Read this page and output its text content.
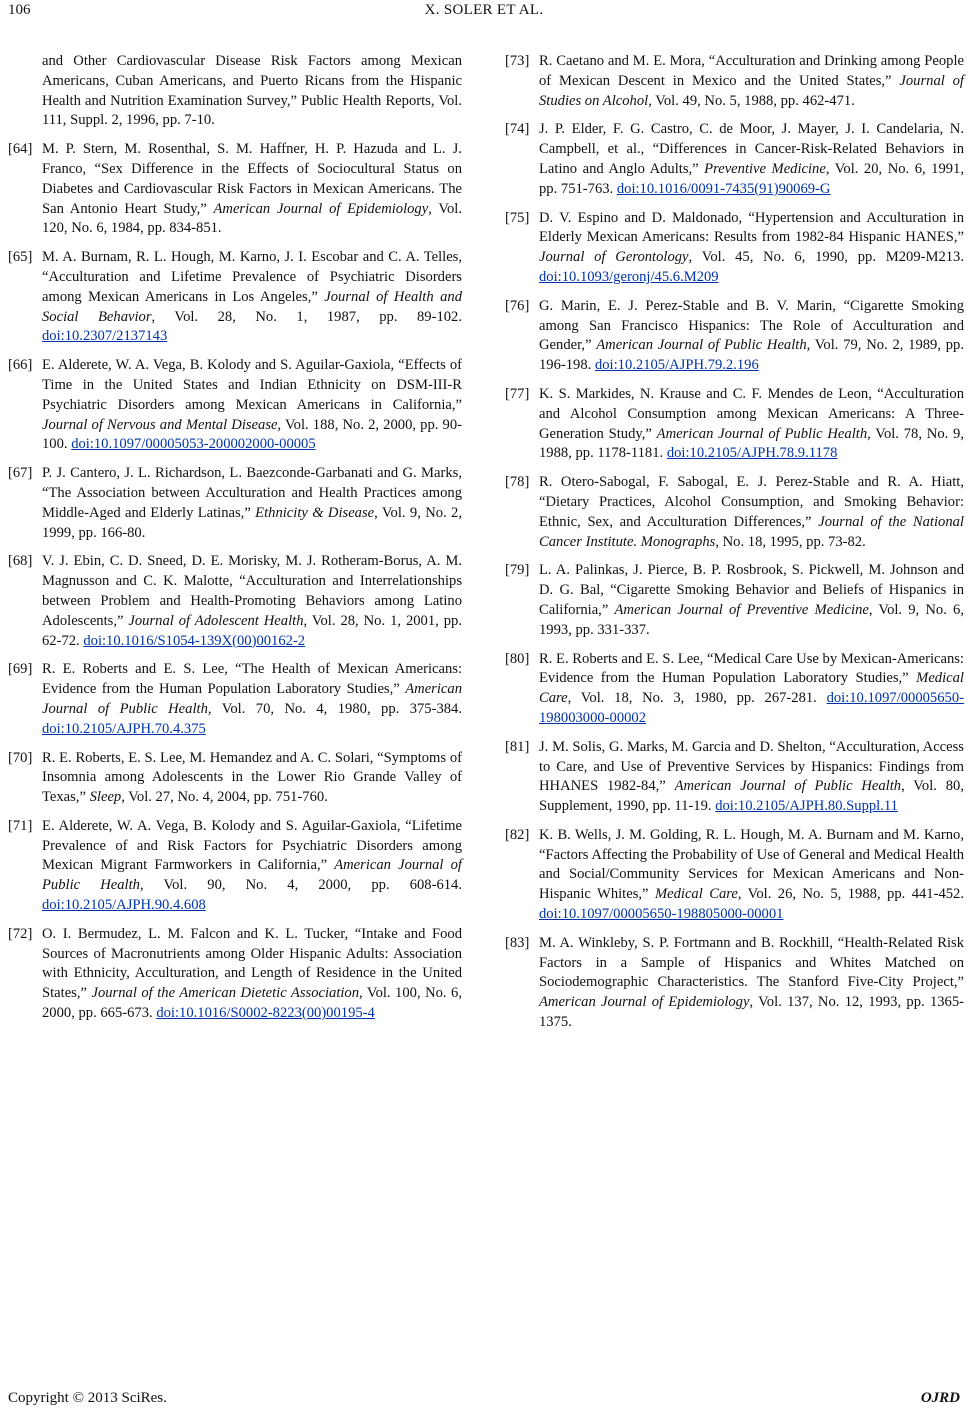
106	X. SOLER ET AL.
and Other Cardiovascular Disease Risk Factors among Mexican Americans, Cuban Americans, and Puerto Ricans from the Hispanic Health and Nutrition Examination Survey,” Public Health Reports, Vol. 111, Suppl. 2, 1996, pp. 7-10.
[64] M. P. Stern, M. Rosenthal, S. M. Haffner, H. P. Hazuda and L. J. Franco, “Sex Difference in the Effects of Sociocultural Status on Diabetes and Cardiovascular Risk Factors in Mexican Americans. The San Antonio Heart Study,” American Journal of Epidemiology, Vol. 120, No. 6, 1984, pp. 834-851.
[65] M. A. Burnam, R. L. Hough, M. Karno, J. I. Escobar and C. A. Telles, “Acculturation and Lifetime Prevalence of Psychiatric Disorders among Mexican Americans in Los Angeles,” Journal of Health and Social Behavior, Vol. 28, No. 1, 1987, pp. 89-102. doi:10.2307/2137143
[66] E. Alderete, W. A. Vega, B. Kolody and S. Aguilar-Gaxiola, “Effects of Time in the United States and Indian Ethnicity on DSM-III-R Psychiatric Disorders among Mexican Americans in California,” Journal of Nervous and Mental Disease, Vol. 188, No. 2, 2000, pp. 90-100. doi:10.1097/00005053-200002000-00005
[67] P. J. Cantero, J. L. Richardson, L. Baezconde-Garbanati and G. Marks, “The Association between Acculturation and Health Practices among Middle-Aged and Elderly Latinas,” Ethnicity & Disease, Vol. 9, No. 2, 1999, pp. 166-80.
[68] V. J. Ebin, C. D. Sneed, D. E. Morisky, M. J. Rotheram-Borus, A. M. Magnusson and C. K. Malotte, “Acculturation and Interrelationships between Problem and Health-Promoting Behaviors among Latino Adolescents,” Journal of Adolescent Health, Vol. 28, No. 1, 2001, pp. 62-72. doi:10.1016/S1054-139X(00)00162-2
[69] R. E. Roberts and E. S. Lee, “The Health of Mexican Americans: Evidence from the Human Population Laboratory Studies,” American Journal of Public Health, Vol. 70, No. 4, 1980, pp. 375-384. doi:10.2105/AJPH.70.4.375
[70] R. E. Roberts, E. S. Lee, M. Hemandez and A. C. Solari, “Symptoms of Insomnia among Adolescents in the Lower Rio Grande Valley of Texas,” Sleep, Vol. 27, No. 4, 2004, pp. 751-760.
[71] E. Alderete, W. A. Vega, B. Kolody and S. Aguilar-Gaxiola, “Lifetime Prevalence of and Risk Factors for Psychiatric Disorders among Mexican Migrant Farmworkers in California,” American Journal of Public Health, Vol. 90, No. 4, 2000, pp. 608-614. doi:10.2105/AJPH.90.4.608
[72] O. I. Bermudez, L. M. Falcon and K. L. Tucker, “Intake and Food Sources of Macronutrients among Older Hispanic Adults: Association with Ethnicity, Acculturation, and Length of Residence in the United States,” Journal of the American Dietetic Association, Vol. 100, No. 6, 2000, pp. 665-673. doi:10.1016/S0002-8223(00)00195-4
[73] R. Caetano and M. E. Mora, “Acculturation and Drinking among People of Mexican Descent in Mexico and the United States,” Journal of Studies on Alcohol, Vol. 49, No. 5, 1988, pp. 462-471.
[74] J. P. Elder, F. G. Castro, C. de Moor, J. Mayer, J. I. Candelaria, N. Campbell, et al., “Differences in Cancer-Risk-Related Behaviors in Latino and Anglo Adults,” Preventive Medicine, Vol. 20, No. 6, 1991, pp. 751-763. doi:10.1016/0091-7435(91)90069-G
[75] D. V. Espino and D. Maldonado, “Hypertension and Acculturation in Elderly Mexican Americans: Results from 1982-84 Hispanic HANES,” Journal of Gerontology, Vol. 45, No. 6, 1990, pp. M209-M213. doi:10.1093/geronj/45.6.M209
[76] G. Marin, E. J. Perez-Stable and B. V. Marin, “Cigarette Smoking among San Francisco Hispanics: The Role of Acculturation and Gender,” American Journal of Public Health, Vol. 79, No. 2, 1989, pp. 196-198. doi:10.2105/AJPH.79.2.196
[77] K. S. Markides, N. Krause and C. F. Mendes de Leon, “Acculturation and Alcohol Consumption among Mexican Americans: A Three-Generation Study,” American Journal of Public Health, Vol. 78, No. 9, 1988, pp. 1178-1181. doi:10.2105/AJPH.78.9.1178
[78] R. Otero-Sabogal, F. Sabogal, E. J. Perez-Stable and R. A. Hiatt, “Dietary Practices, Alcohol Consumption, and Smoking Behavior: Ethnic, Sex, and Acculturation Differences,” Journal of the National Cancer Institute. Monographs, No. 18, 1995, pp. 73-82.
[79] L. A. Palinkas, J. Pierce, B. P. Rosbrook, S. Pickwell, M. Johnson and D. G. Bal, “Cigarette Smoking Behavior and Beliefs of Hispanics in California,” American Journal of Preventive Medicine, Vol. 9, No. 6, 1993, pp. 331-337.
[80] R. E. Roberts and E. S. Lee, “Medical Care Use by Mexican-Americans: Evidence from the Human Population Laboratory Studies,” Medical Care, Vol. 18, No. 3, 1980, pp. 267-281. doi:10.1097/00005650-198003000-00002
[81] J. M. Solis, G. Marks, M. Garcia and D. Shelton, “Acculturation, Access to Care, and Use of Preventive Services by Hispanics: Findings from HHANES 1982-84,” American Journal of Public Health, Vol. 80, Supplement, 1990, pp. 11-19. doi:10.2105/AJPH.80.Suppl.11
[82] K. B. Wells, J. M. Golding, R. L. Hough, M. A. Burnam and M. Karno, “Factors Affecting the Probability of Use of General and Medical Health and Social/Community Services for Mexican Americans and Non-Hispanic Whites,” Medical Care, Vol. 26, No. 5, 1988, pp. 441-452. doi:10.1097/00005650-198805000-00001
[83] M. A. Winkleby, S. P. Fortmann and B. Rockhill, “Health-Related Risk Factors in a Sample of Hispanics and Whites Matched on Sociodemographic Characteristics. The Stanford Five-City Project,” American Journal of Epidemiology, Vol. 137, No. 12, 1993, pp. 1365-1375.
Copyright © 2013 SciRes.	OJRD
